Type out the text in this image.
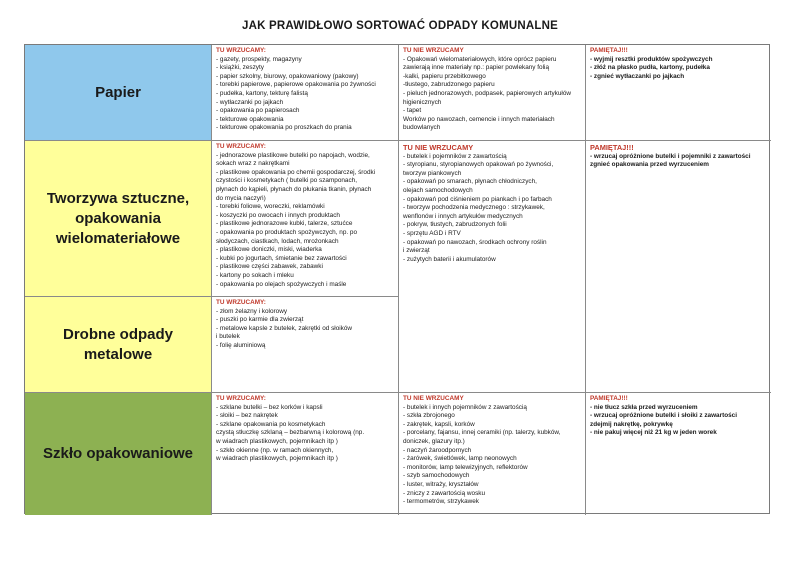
JAK PRAWIDŁOWO SORTOWAĆ ODPADY KOMUNALNE
Papier
TU WRZUCAMY:
- gazety, prospekty, magazyny
- książki, zeszyty
- papier szkolny, biurowy, opakowaniowy (pakowy)
- torebki papierowe, papierowe opakowania po żywności
- pudełka, kartony, tekturę falistą
- wytłaczanki po jajkach
- opakowania po papierosach
- tekturowe opakowania
- tekturowe opakowania po proszkach do prania
TU NIE WRZUCAMY
- Opakowań wielomateriałowych, które oprócz papieru zawierają inne materiały np.: papier powlekany folią
-kalki, papieru przebitkowego
-tłustego, zabrudzonego papieru
- pieluch jednorazowych, podpasek, papierowych artykułów higienicznych
- tapet
Worków po nawozach, cemencie i innych materiałach budowlanych
PAMIĘTAJ!!!
- wyjmij resztki produktów spożywczych
- złóż na płasko pudła, kartony, pudełka
- zgnieć wytłaczanki po jajkach
Tworzywa sztuczne,
opakowania
wielomateriałowe
TU WRZUCAMY:
- jednorazowe plastikowe butelki po napojach, wodzie,
sokach wraz z nakrętkami
- plastikowe opakowania po chemii gospodarczej, środki
czystości i kosmetykach ( butelki po szamponach,
płynach do kąpieli, płynach do płukania tkanin, płynach
do mycia naczyń)
- torebki foliowe, woreczki, reklamówki
- koszyczki po owocach i innych produktach
- plastikowe jednorazowe kubki, talerze, sztućce
- opakowania po produktach spożywczych, np. po
słodyczach, ciastkach, lodach, mrożonkach
- plastikowe doniczki, miski, wiaderka
- kubki po jogurtach, śmietanie bez zawartości
- plastikowe części zabawek, zabawki
- kartony po sokach i mleku
- opakowania po olejach spożywczych i maśle
TU NIE WRZUCAMY
- butelek i pojemników z zawartością
- styropianu, styropianowych opakowań po żywności,
tworzyw piankowych
- opakowań po smarach, płynach chłodniczych,
olejach samochodowych
- opakowań pod ciśnieniem po piankach i po farbach
- tworzyw pochodzenia medycznego : strzykawek,
wenflonów i innych artykułów medycznych
- pokryw, tłustych, zabrudzonych folii
- sprzętu AGD i RTV
- opakowań po nawozach, środkach ochrony roślin
i zwierząt
- zużytych baterii i akumulatorów
PAMIĘTAJ!!!
- wrzucaj opróżnione butelki i pojemniki z zawartości
zgnieć opakowania przed wyrzuceniem
Drobne odpady
metalowe
TU WRZUCAMY:
- złom żelazny i kolorowy
- puszki po karmie dla zwierząt
- metalowe kapsle z butelek, zakrętki od słoików
i butelek
- folię aluminiową
Szkło opakowaniowe
TU WRZUCAMY:
- szklane butelki – bez korków i kapsli
- słoiki – bez nakrętek
- szklane opakowania po kosmetykach
czystą stłuczkę szklaną – bezbarwną i kolorową (np.
w wiadrach plastikowych, pojemnikach itp )
- szkło okienne (np. w ramach okiennych,
w wiadrach plastikowych, pojemnikach itp )
TU NIE WRZUCAMY
- butelek i innych pojemników z zawartością
- szkła zbrojonego
- zakrętek, kapsli, korków
- porcelany, fajansu, innej ceramiki (np. talerzy, kubków,
doniczek, glazury itp.)
- naczyń żaroodpornych
- żarówek, świetlówek, lamp neonowych
- monitorów, lamp telewizyjnych, reflektorów
- szyb samochodowych
- luster, witraży, kryształów
- zniczy z zawartością wosku
- termometrów, strzykawek
PAMIĘTAJ!!!
- nie tłucz szkła przed wyrzuceniem
- wrzucaj opróżnione butelki i słoiki z zawartości
zdejmij nakrętkę, pokrywkę
- nie pakuj więcej niż 21 kg w jeden worek
